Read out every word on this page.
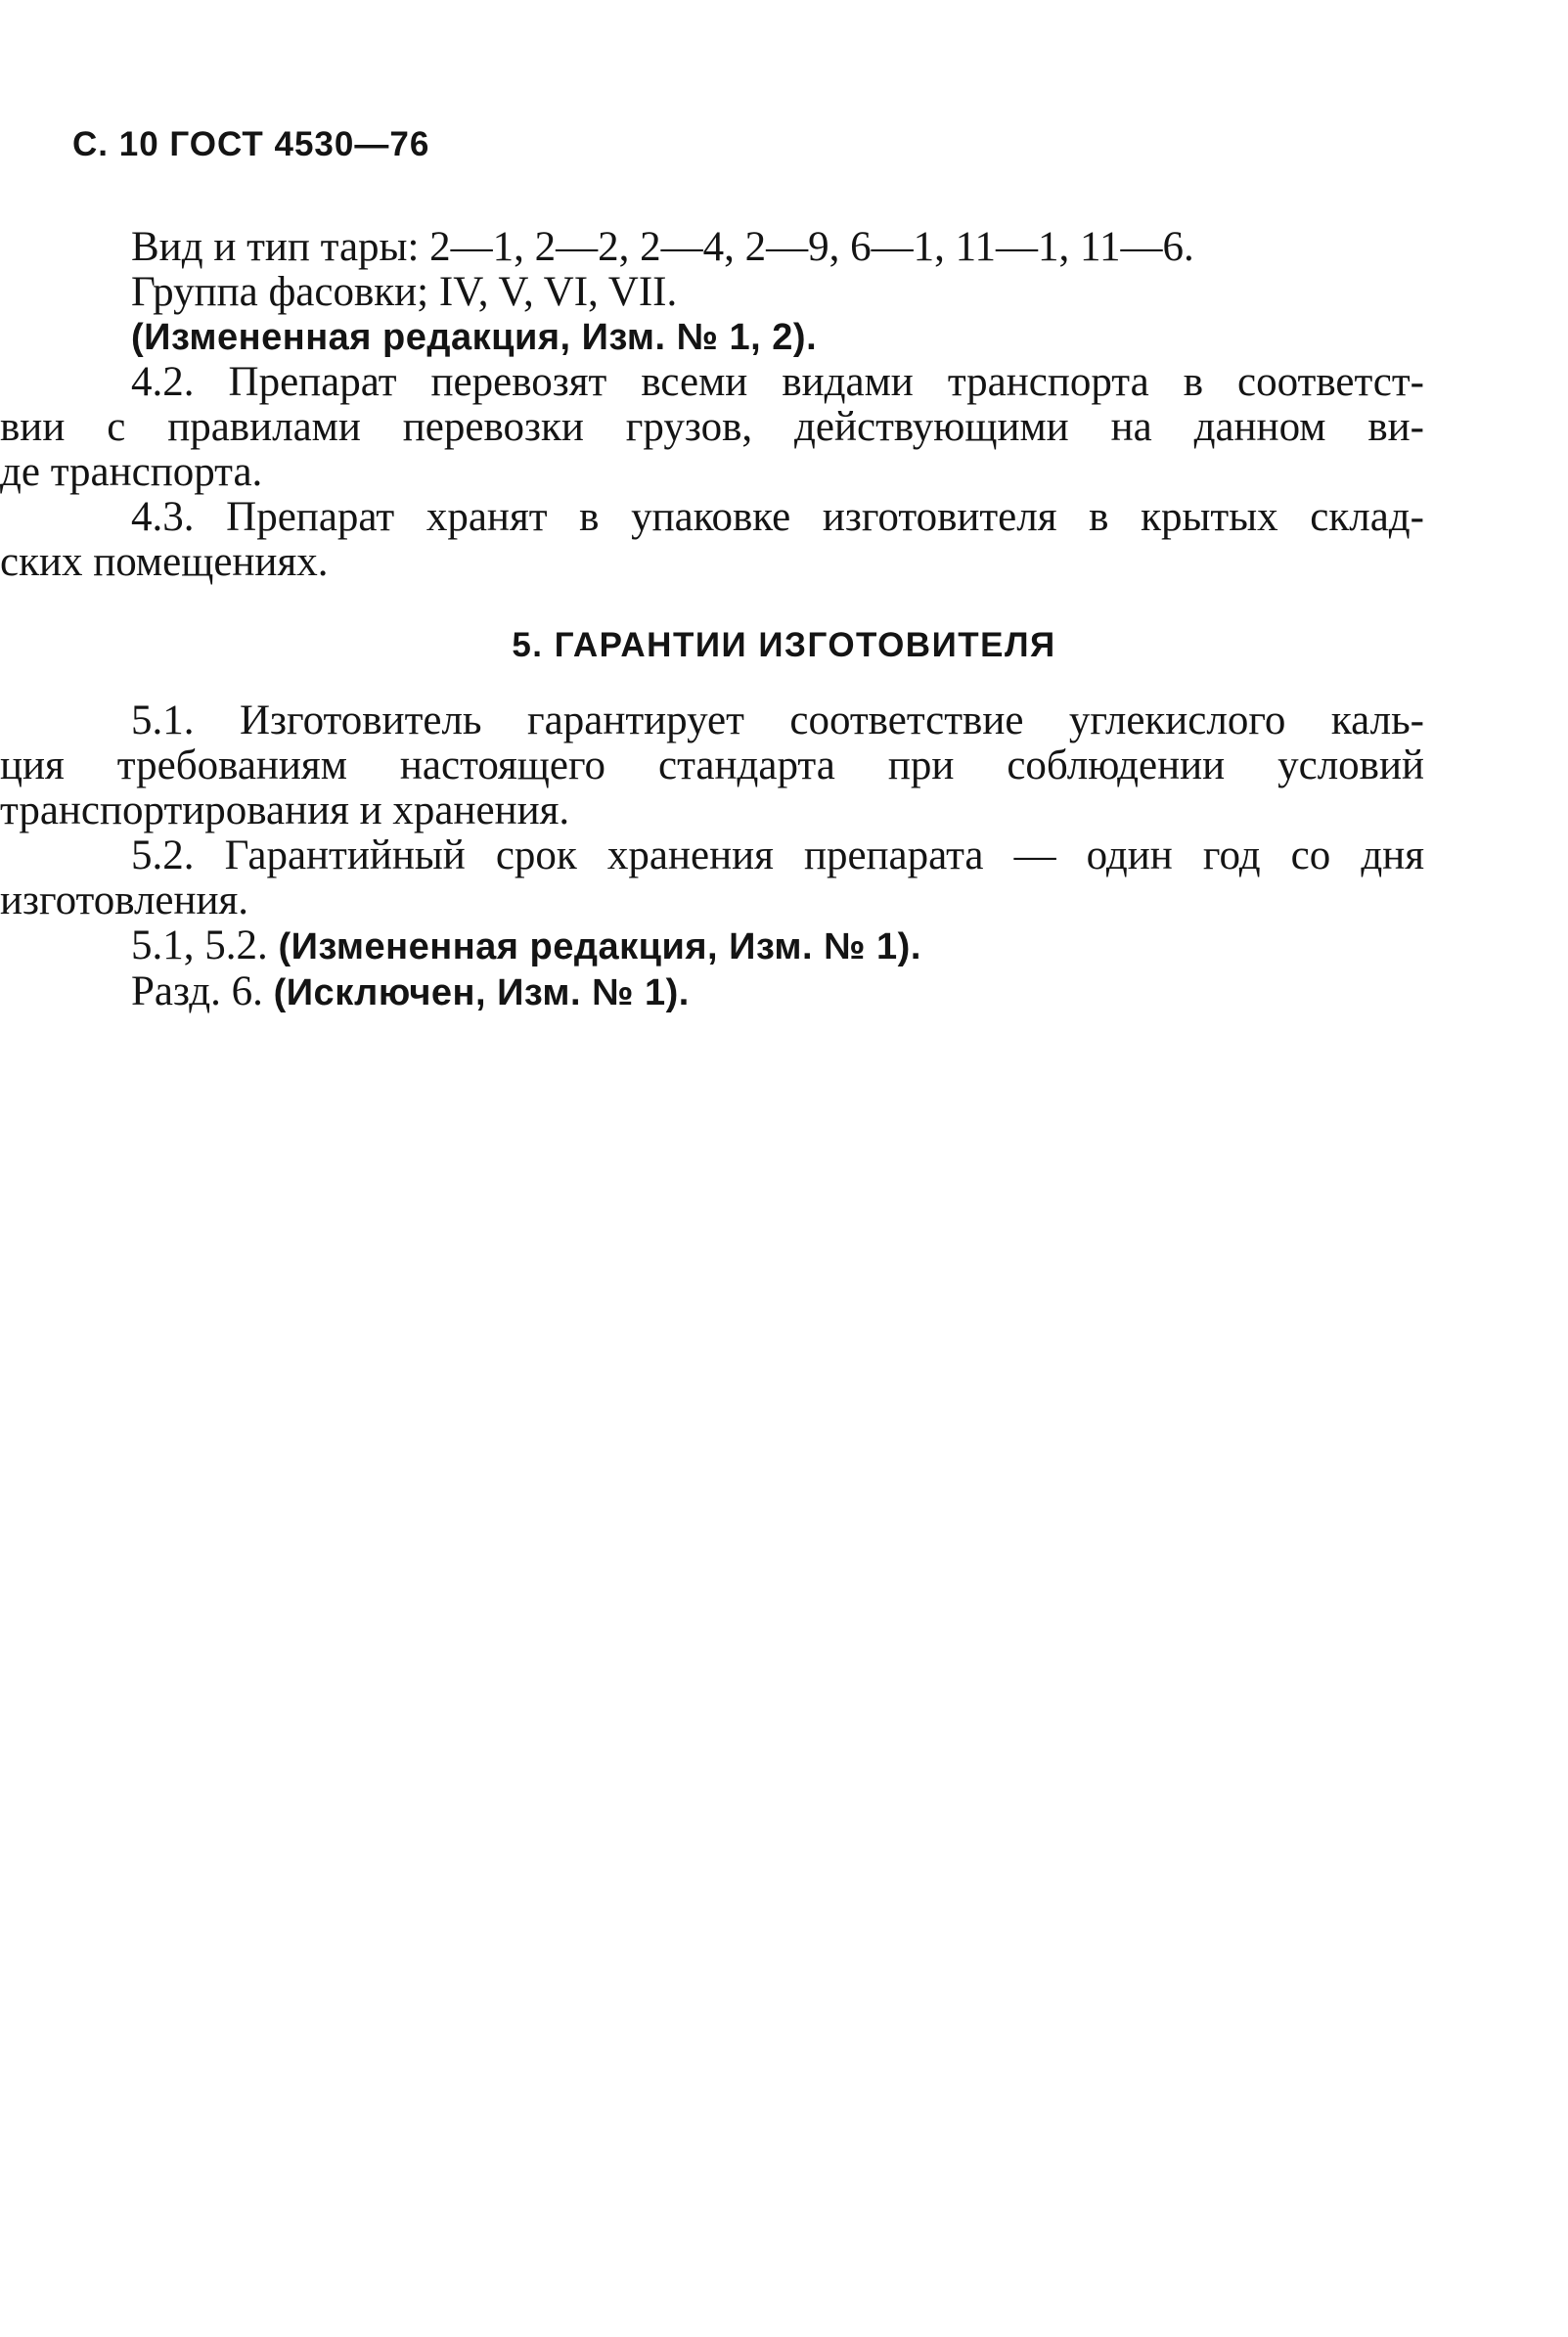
С. 10 ГОСТ 4530—76
Вид и тип тары: 2—1, 2—2, 2—4, 2—9, 6—1, 11—1, 11—6.
Группа фасовки; IV, V, VI, VII.
(Измененная редакция, Изм. № 1, 2).
4.2. Препарат перевозят всеми видами транспорта в соответст-
вии с правилами перевозки грузов, действующими на данном ви-
де транспорта.
4.3. Препарат хранят в упаковке изготовителя в крытых склад-
ских помещениях.
5. ГАРАНТИИ ИЗГОТОВИТЕЛЯ
5.1. Изготовитель гарантирует соответствие углекислого каль-
ция требованиям настоящего стандарта при соблюдении условий
транспортирования и хранения.
5.2. Гарантийный срок хранения препарата — один год со дня
изготовления.
5.1, 5.2. (Измененная редакция, Изм. № 1).
Разд. 6. (Исключен, Изм. № 1).
